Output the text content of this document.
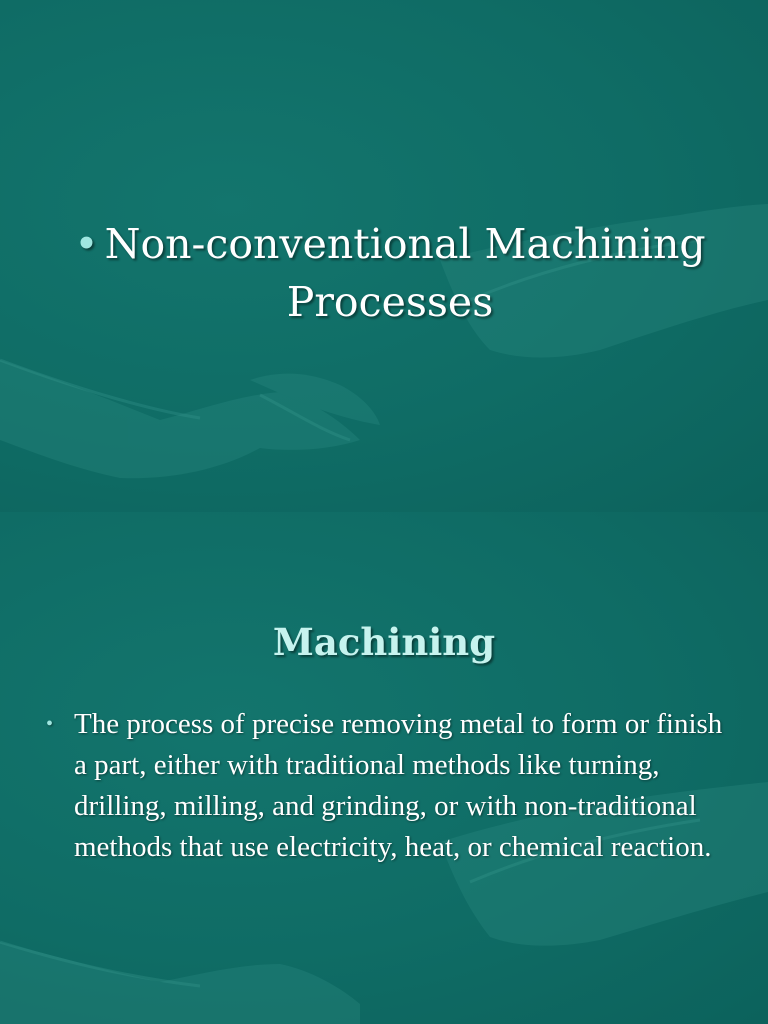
• Non-conventional Machining
Processes
Machining
• The process of precise removing metal to form or finish a part, either with traditional methods like turning, drilling, milling, and grinding, or with non-traditional methods that use electricity, heat, or chemical reaction.
